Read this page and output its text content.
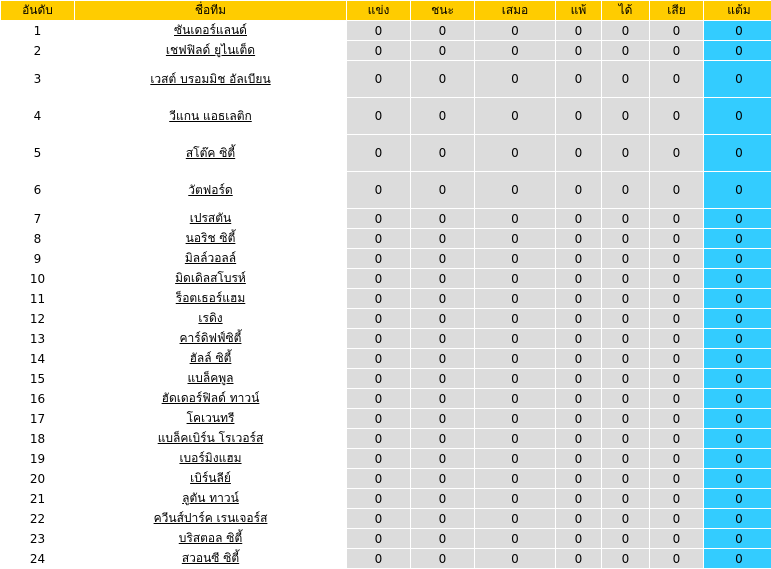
อันดับ	ชื่อทีม	แข่ง	ชนะ	เสมอ	แพ้	ได้	เสีย	แต้ม
1	ซันเดอร์แลนด์	0	0	0	0	0	0	0
2	เชฟฟิลด์ ยูไนเต็ด	0	0	0	0	0	0	0
3	เวสต์ บรอมมิช อัลเบียน	0	0	0	0	0	0	0
4	วีแกน แอธเลติก	0	0	0	0	0	0	0
5	สโต๊ค ซิตี้	0	0	0	0	0	0	0
6	วัตฟอร์ด	0	0	0	0	0	0	0
7	เปรสตัน	0	0	0	0	0	0	0
8	นอริช ซิตี้	0	0	0	0	0	0	0
9	มิลล์วอลล์	0	0	0	0	0	0	0
10	มิดเดิลสโบรห์	0	0	0	0	0	0	0
11	ร็อตเธอร์แฮม	0	0	0	0	0	0	0
12	เรดิง	0	0	0	0	0	0	0
13	คาร์ดิฟฟ์ซิตี้	0	0	0	0	0	0	0
14	ฮัลล์ ซิตี้	0	0	0	0	0	0	0
15	แบล็คพูล	0	0	0	0	0	0	0
16	ฮัดเดอร์ฟิลด์ ทาวน์	0	0	0	0	0	0	0
17	โคเวนทรี	0	0	0	0	0	0	0
18	แบล็คเบิร์น โรเวอร์ส	0	0	0	0	0	0	0
19	เบอร์มิงแฮม	0	0	0	0	0	0	0
20	เบิร์นลีย์	0	0	0	0	0	0	0
21	ลูตัน ทาวน์	0	0	0	0	0	0	0
22	ควีนส์ปาร์ค เรนเจอร์ส	0	0	0	0	0	0	0
23	บริสตอล ซิตี้	0	0	0	0	0	0	0
24	สวอนซี ซิตี้	0	0	0	0	0	0	0
